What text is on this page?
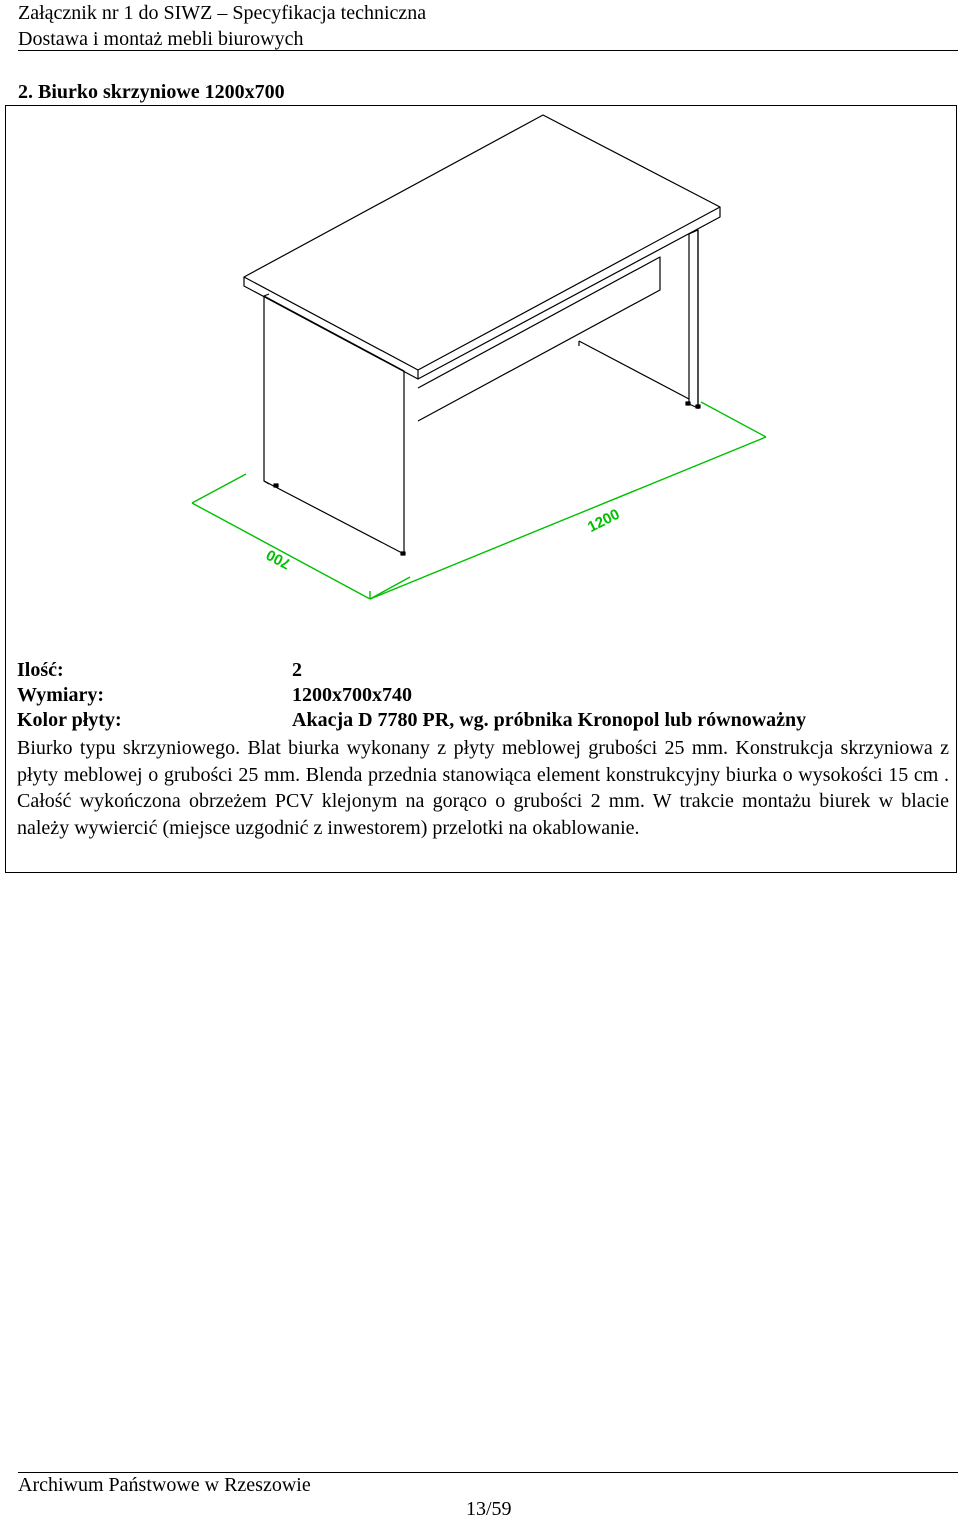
Załącznik nr 1 do SIWZ – Specyfikacja techniczna
Dostawa i montaż mebli biurowych
2. Biurko skrzyniowe 1200x700
1200
700
Ilość:	2
Wymiary:	1200x700x740
Kolor płyty:	Akacja D 7780 PR, wg. próbnika Kronopol lub równoważny
Biurko typu skrzyniowego. Blat biurka wykonany z płyty meblowej grubości 25 mm. Konstrukcja skrzyniowa z płyty meblowej o grubości 25 mm. Blenda przednia stanowiąca element konstrukcyjny biurka o wysokości 15 cm . Całość wykończona obrzeżem PCV klejonym na gorąco o grubości 2 mm. W trakcie montażu biurek w blacie należy wywiercić (miejsce uzgodnić z inwestorem) przelotki na okablowanie.
Archiwum Państwowe w Rzeszowie
13/59
